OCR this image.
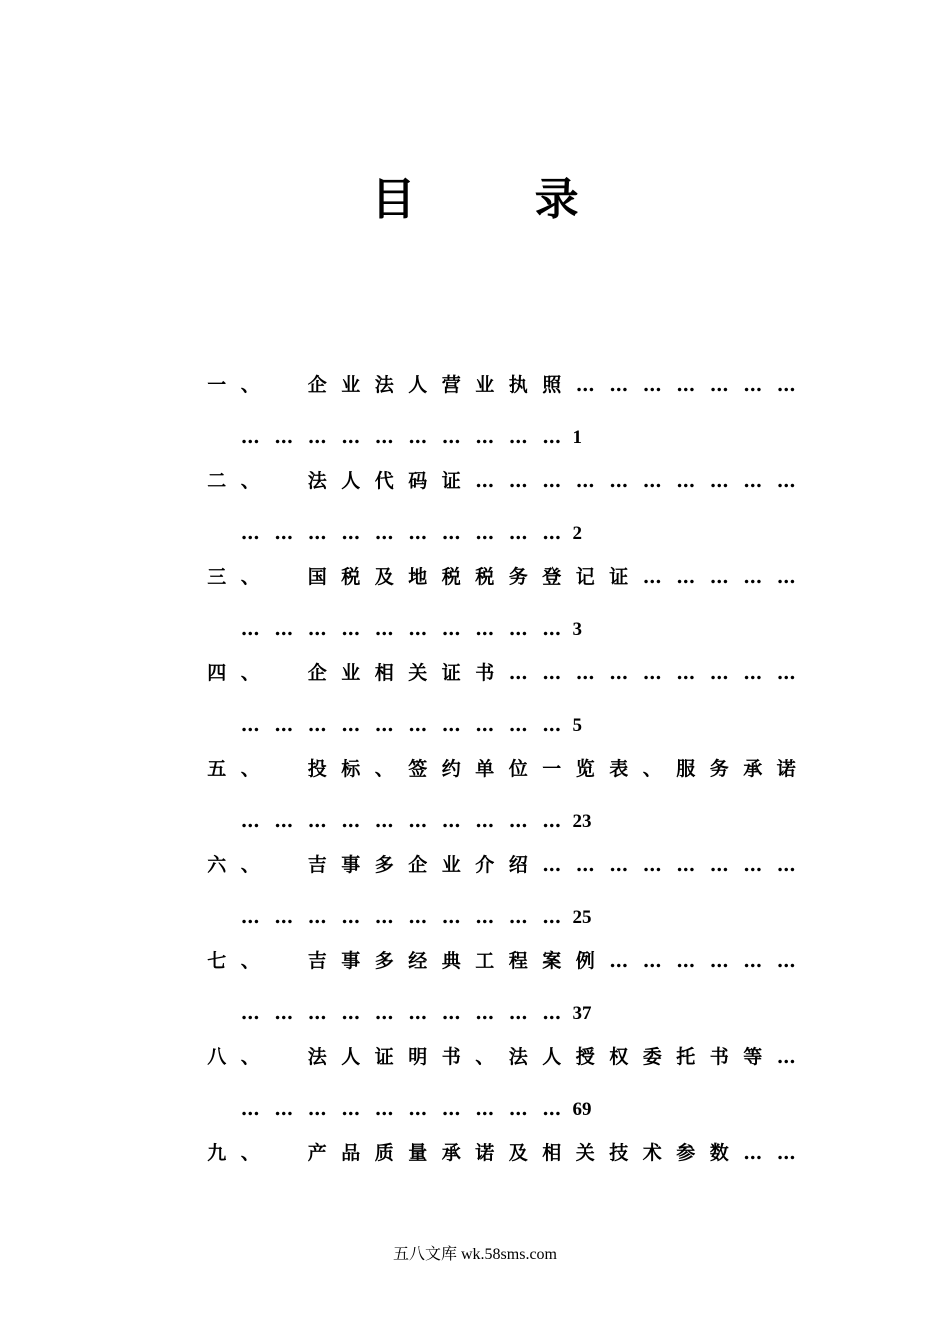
目 录
一 、	企 业 法 人 营 业 执 照 … … … … … … …
… … … … … … … … … … 1
二 、	法 人 代 码 证 … … … … … … … … … …
… … … … … … … … … … 2
三 、	国 税 及 地 税 税 务 登 记 证 … … … … …
… … … … … … … … … … 3
四 、	企 业 相 关 证 书 … … … … … … … … …
… … … … … … … … … … 5
五 、	投 标 、 签 约 单 位 一 览 表 、 服 务 承 诺
… … … … … … … … … … 23
六 、	吉 事 多 企 业 介 绍 … … … … … … … …
… … … … … … … … … … 25
七 、	吉 事 多 经 典 工 程 案 例 … … … … … …
… … … … … … … … … … 37
八 、	法 人 证 明 书 、 法 人 授 权 委 托 书 等 …
… … … … … … … … … … 69
九 、	产 品 质 量 承 诺 及 相 关 技 术 参 数 … …
五八文库 wk.58sms.com
